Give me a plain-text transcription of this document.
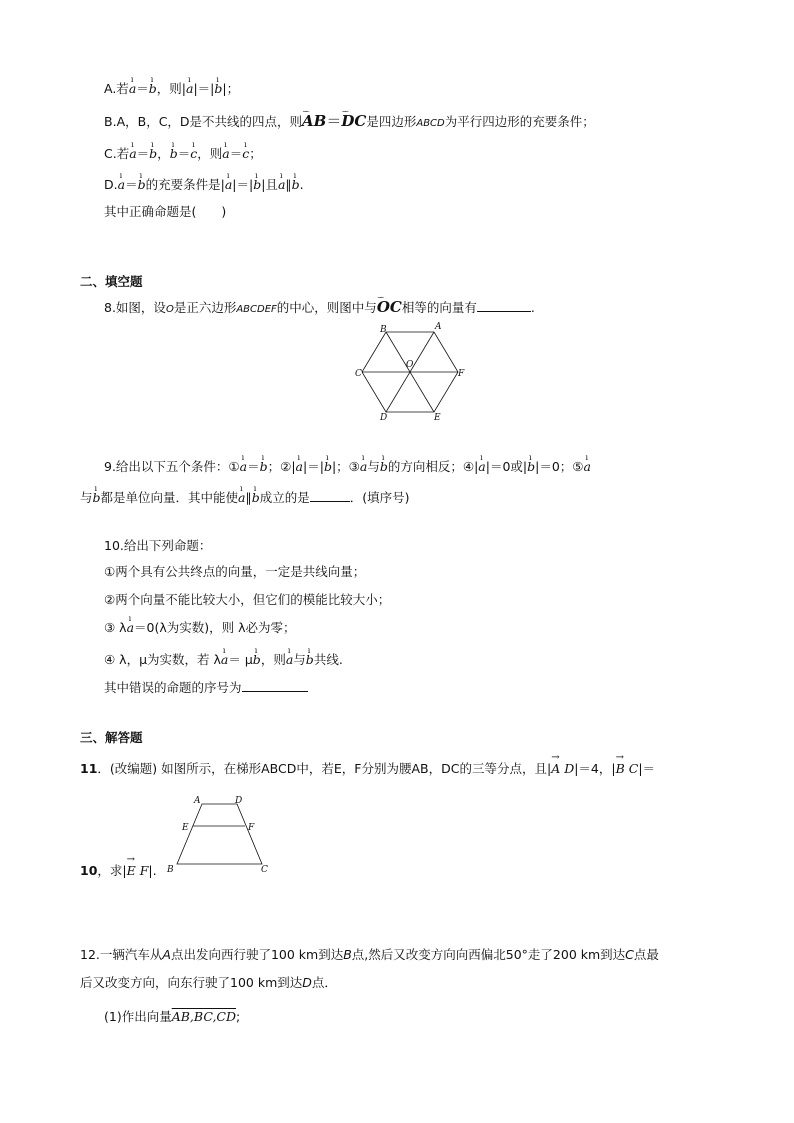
A.若ı a＝ı b，则|ı a|＝|ı b|；
B.A，B，C，D是不共线的四点，则⌣⌣ AB＝⌣⌣ DC是四边形ABCD为平行四边形的充要条件；
C.若ı a＝ı b，ı b＝ı c，则ı a＝ı c；
D.ı a＝ı b的充要条件是|ı a|＝|ı b|且ı a∥ı b.
其中正确命题是(　　)
二、填空题
8.如图，设O是正六边形ABCDEF的中心，则图中与⌣⌣ OC相等的向量有	.
B	A
C	F
D	E
O
9.给出以下五个条件：①ı a＝ı b；②|ı a|＝|ı b|；③ı a与ı b的方向相反；④|ı a|＝0或|ı b|＝0；⑤ı a
与ı b都是单位向量．其中能使ı a∥ı b成立的是	．(填序号)
10.给出下列命题：
①两个具有公共终点的向量，一定是共线向量；
②两个向量不能比较大小，但它们的模能比较大小；
③ λı a＝0(λ为实数)，则 λ必为零；
④ λ，μ为实数，若 λı a＝ μı b，则ı a与ı b共线.
其中错误的命题的序号为
三、解答题
11．(改编题) 如图所示，在梯形ABCD中，若E，F分别为腰AB，DC的三等分点，且|→ A D|＝4，|→ B C|＝
A	D
E	F
B	C
10，求|→ E F|.
12.一辆汽车从A点出发向西行驶了100 km到达B点,然后又改变方向向西偏北50°走了200 km到达C点最
后又改变方向，向东行驶了100 km到达D点．
(1)作出向量AB,BC,CD;
